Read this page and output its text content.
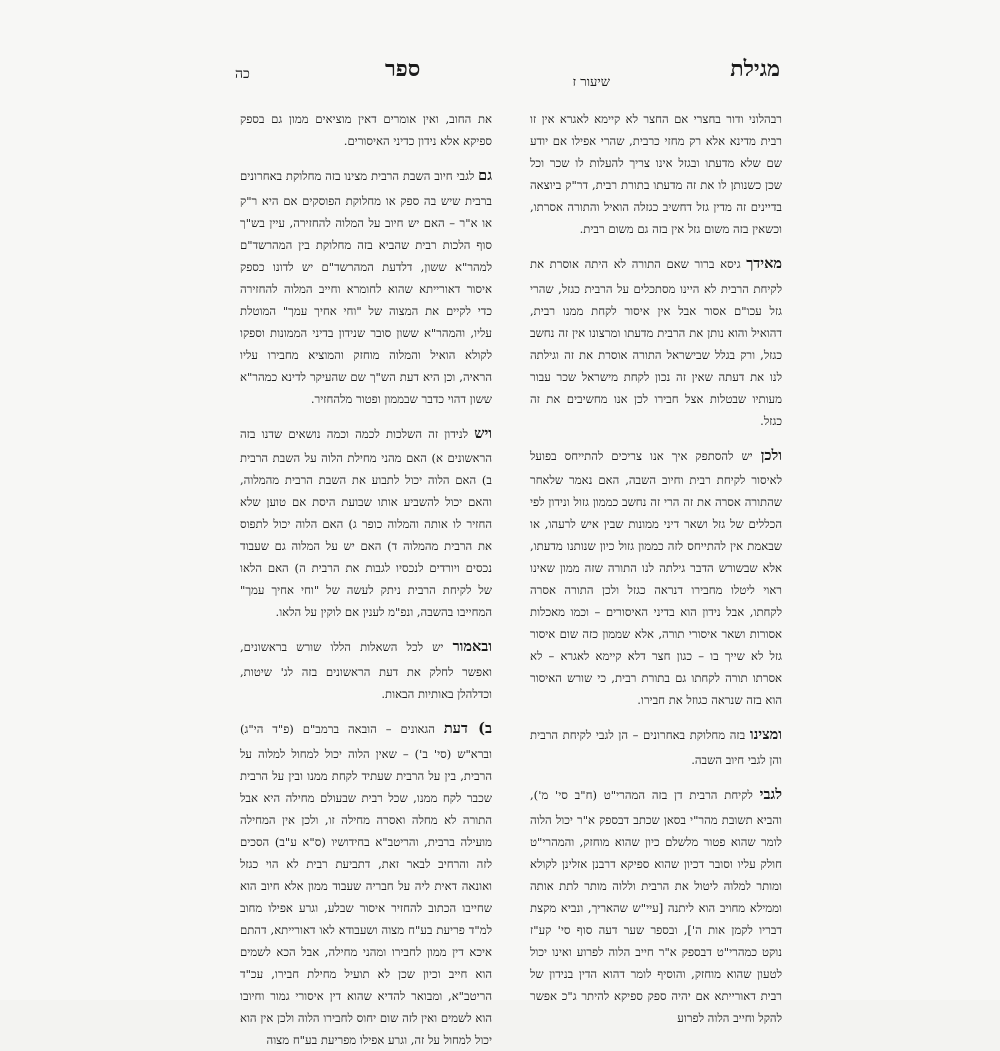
מגילת
שיעור ז
ספר
כה

רבהלוני ודור בחצרי אם החצר לא קיימא לאגרא אין זו רבית מדינא אלא רק מחזי כרבית, שהרי אפילו אם יודע שם שלא מדעתו ובגזל אינו צריך להעלות לו שכר וכל שכן כשנותן לו את זה מדעתו בתורת רבית, דר"ק ביוצאה בדיינים זה מדין גזל דחשיב כגזלה הואיל והתורה אסרתו, וכשאין בזה משום גזל אין בזה גם משום רבית.

מאידך גיסא ברור שאם התורה לא היתה אוסרת את לקיחת הרבית לא היינו מסתכלים על הרבית כגזל, שהרי גזל עכו"ם אסור אבל אין איסור לקחת ממנו רבית, דהואיל והוא נותן את הרבית מדעתו ומרצונו אין זה נחשב כגזל, ורק בגלל שבישראל התורה אוסרת את זה וגילתה לנו את דעתה שאין זה נכון לקחת מישראל שכר עבור מעותיו שבטלות אצל חבירו לכן אנו מחשיבים את זה כגזל.

ולכן יש להסתפק איך אנו צריכים להתייחס בפועל לאיסור לקיחת רבית וחיוב השבה, האם נאמר שלאחר שהתורה אסרה את זה הרי זה נחשב כממון גזול ונידון לפי הכללים של גזל ושאר דיני ממונות שבין איש לרעהו, או שבאמת אין להתייחס לזה כממון גזול כיון שנותנו מדעתו, אלא שבשורש הדבר גילתה לנו התורה שזה ממון שאינו ראוי ליטלו מחבירו דנראה כגזל ולכן התורה אסרה לקחתו, אבל נידון הוא בדיני האיסורים – וכמו מאכלות אסורות ושאר איסורי תורה, אלא שממון כזה שום איסור גזל לא שייך בו – כגון חצר דלא קיימא לאגרא – לא אסרתו תורה לקחתו גם בתורת רבית, כי שורש האיסור הוא בזה שנראה כגוזל את חבירו.

ומצינו בזה מחלוקת באחרונים – הן לגבי לקיחת הרבית והן לגבי חיוב השבה.

לגבי לקיחת הרבית דן בזה המהרי"ט (ח"ב סי' מ'), והביא תשובת מהר"י בסאן שכתב דבספק א"ר יכול הלוה לומר שהוא פטור מלשלם כיון שהוא מוחזק, והמהרי"ט חולק עליו וסובר דכיון שהוא ספיקא דרבנן אזלינן לקולא ומותר למלוה ליטול את הרבית וללוה מותר לתת אותה וממילא מחויב הוא ליתנה [עיי"ש שהאריך, ונביא מקצת דבריו לקמן אות ה'], ובספר שער דעה סוף סי' קע"ז נוקט כמהרי"ט דבספק א"ר חייב הלוה לפרוע ואינו יכול לטעון שהוא מוחזק, והוסיף לומר דהוא הדין בנידון של רבית דאורייתא אם יהיה ספק ספיקא להיתר ג"כ אפשר להקל וחייב הלוה לפרוע

את החוב, ואין אומרים דאין מוציאים ממון גם בספק ספיקא אלא נידון כדיני האיסורים.

גם לגבי חיוב השבת הרבית מצינו בזה מחלוקת באחרונים ברבית שיש בה ספק או מחלוקת הפוסקים אם היא ר"ק או א"ר – האם יש חיוב על המלוה להחזירה, עיין בש"ך סוף הלכות רבית שהביא בזה מחלוקת בין המהרשד"ם למהר"א ששון, דלדעת המהרשד"ם יש לדונו כספק איסור דאורייתא שהוא לחומרא וחייב המלוה להחזירה כדי לקיים את המצוה של "וחי אחיך עמך" המוטלת עליו, והמהר"א ששון סובר שנידון בדיני הממונות וספקו לקולא הואיל והמלוה מוחזק והמוציא מחבירו עליו הראיה, וכן היא דעת הש"ך שם שהעיקר לדינא כמהר"א ששון דהוי כדבר שבממון ופטור מלהחזיר.

ויש לנידון זה השלכות לכמה וכמה נושאים שדנו בזה הראשונים א) האם מהני מחילת הלוה על השבת הרבית ב) האם הלוה יכול לתבוע את השבת הרבית מהמלוה, והאם יכול להשביע אותו שבועת היסת אם טוען שלא החזיר לו אותה והמלוה כופר ג) האם הלוה יכול לתפוס את הרבית מהמלוה ד) האם יש על המלוה גם שעבוד נכסים ויורדים לנכסיו לגבות את הרבית ה) האם הלאו של לקיחת הרבית ניתק לעשה של "וחי אחיך עמך" המחייבו בהשבה, ונפ"מ לענין אם לוקין על הלאו.

ובאמור יש לכל השאלות הללו שורש בראשונים, ואפשר לחלק את דעת הראשונים בזה לג' שיטות, וכדלהלן באותיות הבאות.

ב) דעת הגאונים – הובאה ברמב"ם (פ"ד הי"ג) וברא"ש (סי' ב') – שאין הלוה יכול למחול למלוה על הרבית, בין על הרבית שעתיד לקחת ממנו ובין על הרבית שכבר לקח ממנו, שכל רבית שבעולם מחילה היא אבל התורה לא מחלה ואסרה מחילה זו, ולכן אין המחילה מועילה ברבית, והריטב"א בחידושיו (ס"א ע"ב) הסכים לזה והרחיב לבאר זאת, דתביעת רבית לא הוי כגזל ואונאה דאית ליה על חבריה שעבוד ממון אלא חיוב הוא שחייבו הכתוב להחזיר איסור שבלע, וגרע אפילו מחוב למ"ד פריעת בע"ח מצוה ושעבודא לאו דאורייתא, דהתם איכא דין ממון לחבירו ומהני מחילה, אבל הכא לשמים הוא חייב וכיון שכן לא תועיל מחילת חבירו, עכ"ד הריטב"א, ומבואר להדיא שהוא דין איסורי גמור וחיובו הוא לשמים ואין לזה שום יחוס לחבירו הלוה ולכן אין הוא יכול למחול על זה, וגרע אפילו מפריעת בע"ח מצוה
